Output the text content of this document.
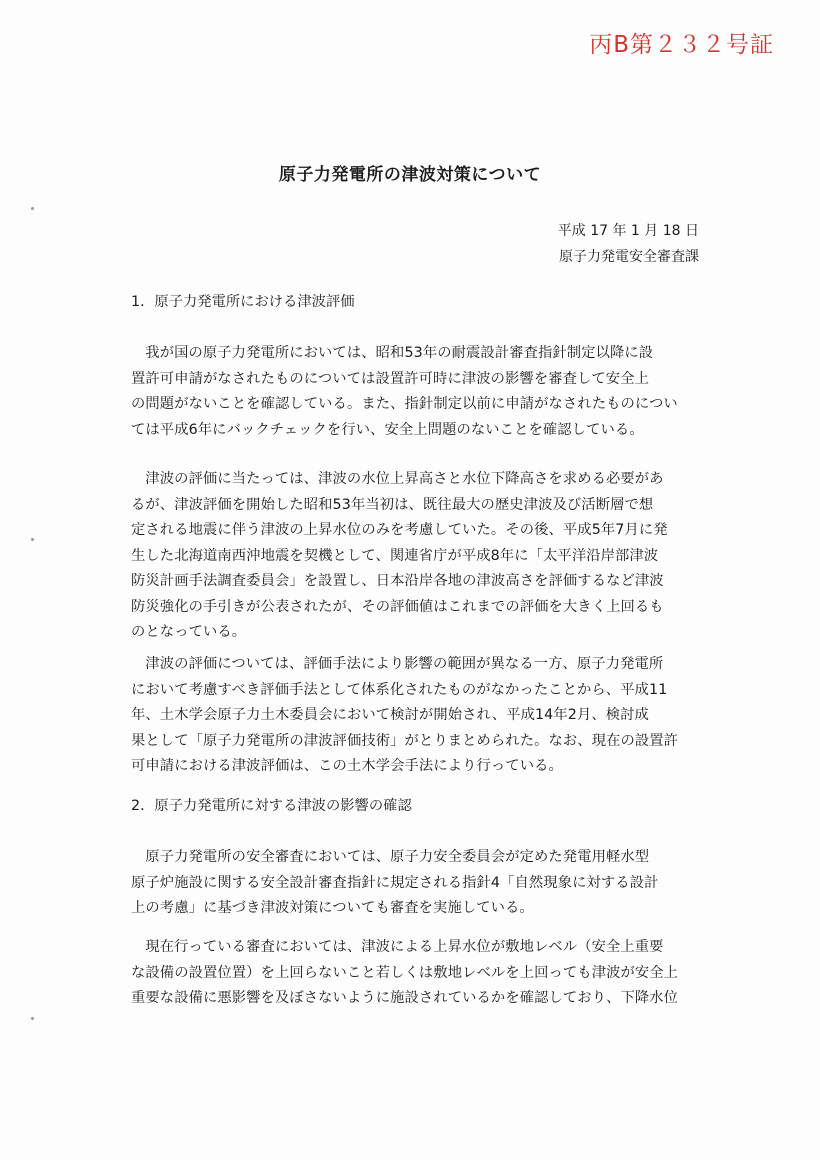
丙B第２３２号証
原子力発電所の津波対策について
平成 17 年 1 月 18 日
原子力発電安全審査課
1．原子力発電所における津波評価
我が国の原子力発電所においては、昭和53年の耐震設計審査指針制定以降に設
置許可申請がなされたものについては設置許可時に津波の影響を審査して安全上
の問題がないことを確認している。また、指針制定以前に申請がなされたものについ
ては平成6年にバックチェックを行い、安全上問題のないことを確認している。
津波の評価に当たっては、津波の水位上昇高さと水位下降高さを求める必要があ
るが、津波評価を開始した昭和53年当初は、既往最大の歴史津波及び活断層で想
定される地震に伴う津波の上昇水位のみを考慮していた。その後、平成5年7月に発
生した北海道南西沖地震を契機として、関連省庁が平成8年に「太平洋沿岸部津波
防災計画手法調査委員会」を設置し、日本沿岸各地の津波高さを評価するなど津波
防災強化の手引きが公表されたが、その評価値はこれまでの評価を大きく上回るも
のとなっている。
津波の評価については、評価手法により影響の範囲が異なる一方、原子力発電所
において考慮すべき評価手法として体系化されたものがなかったことから、平成11
年、土木学会原子力土木委員会において検討が開始され、平成14年2月、検討成
果として「原子力発電所の津波評価技術」がとりまとめられた。なお、現在の設置許
可申請における津波評価は、この土木学会手法により行っている。
2．原子力発電所に対する津波の影響の確認
原子力発電所の安全審査においては、原子力安全委員会が定めた発電用軽水型
原子炉施設に関する安全設計審査指針に規定される指針4「自然現象に対する設計
上の考慮」に基づき津波対策についても審査を実施している。
現在行っている審査においては、津波による上昇水位が敷地レベル（安全上重要
な設備の設置位置）を上回らないこと若しくは敷地レベルを上回っても津波が安全上
重要な設備に悪影響を及ぼさないように施設されているかを確認しており、下降水位
